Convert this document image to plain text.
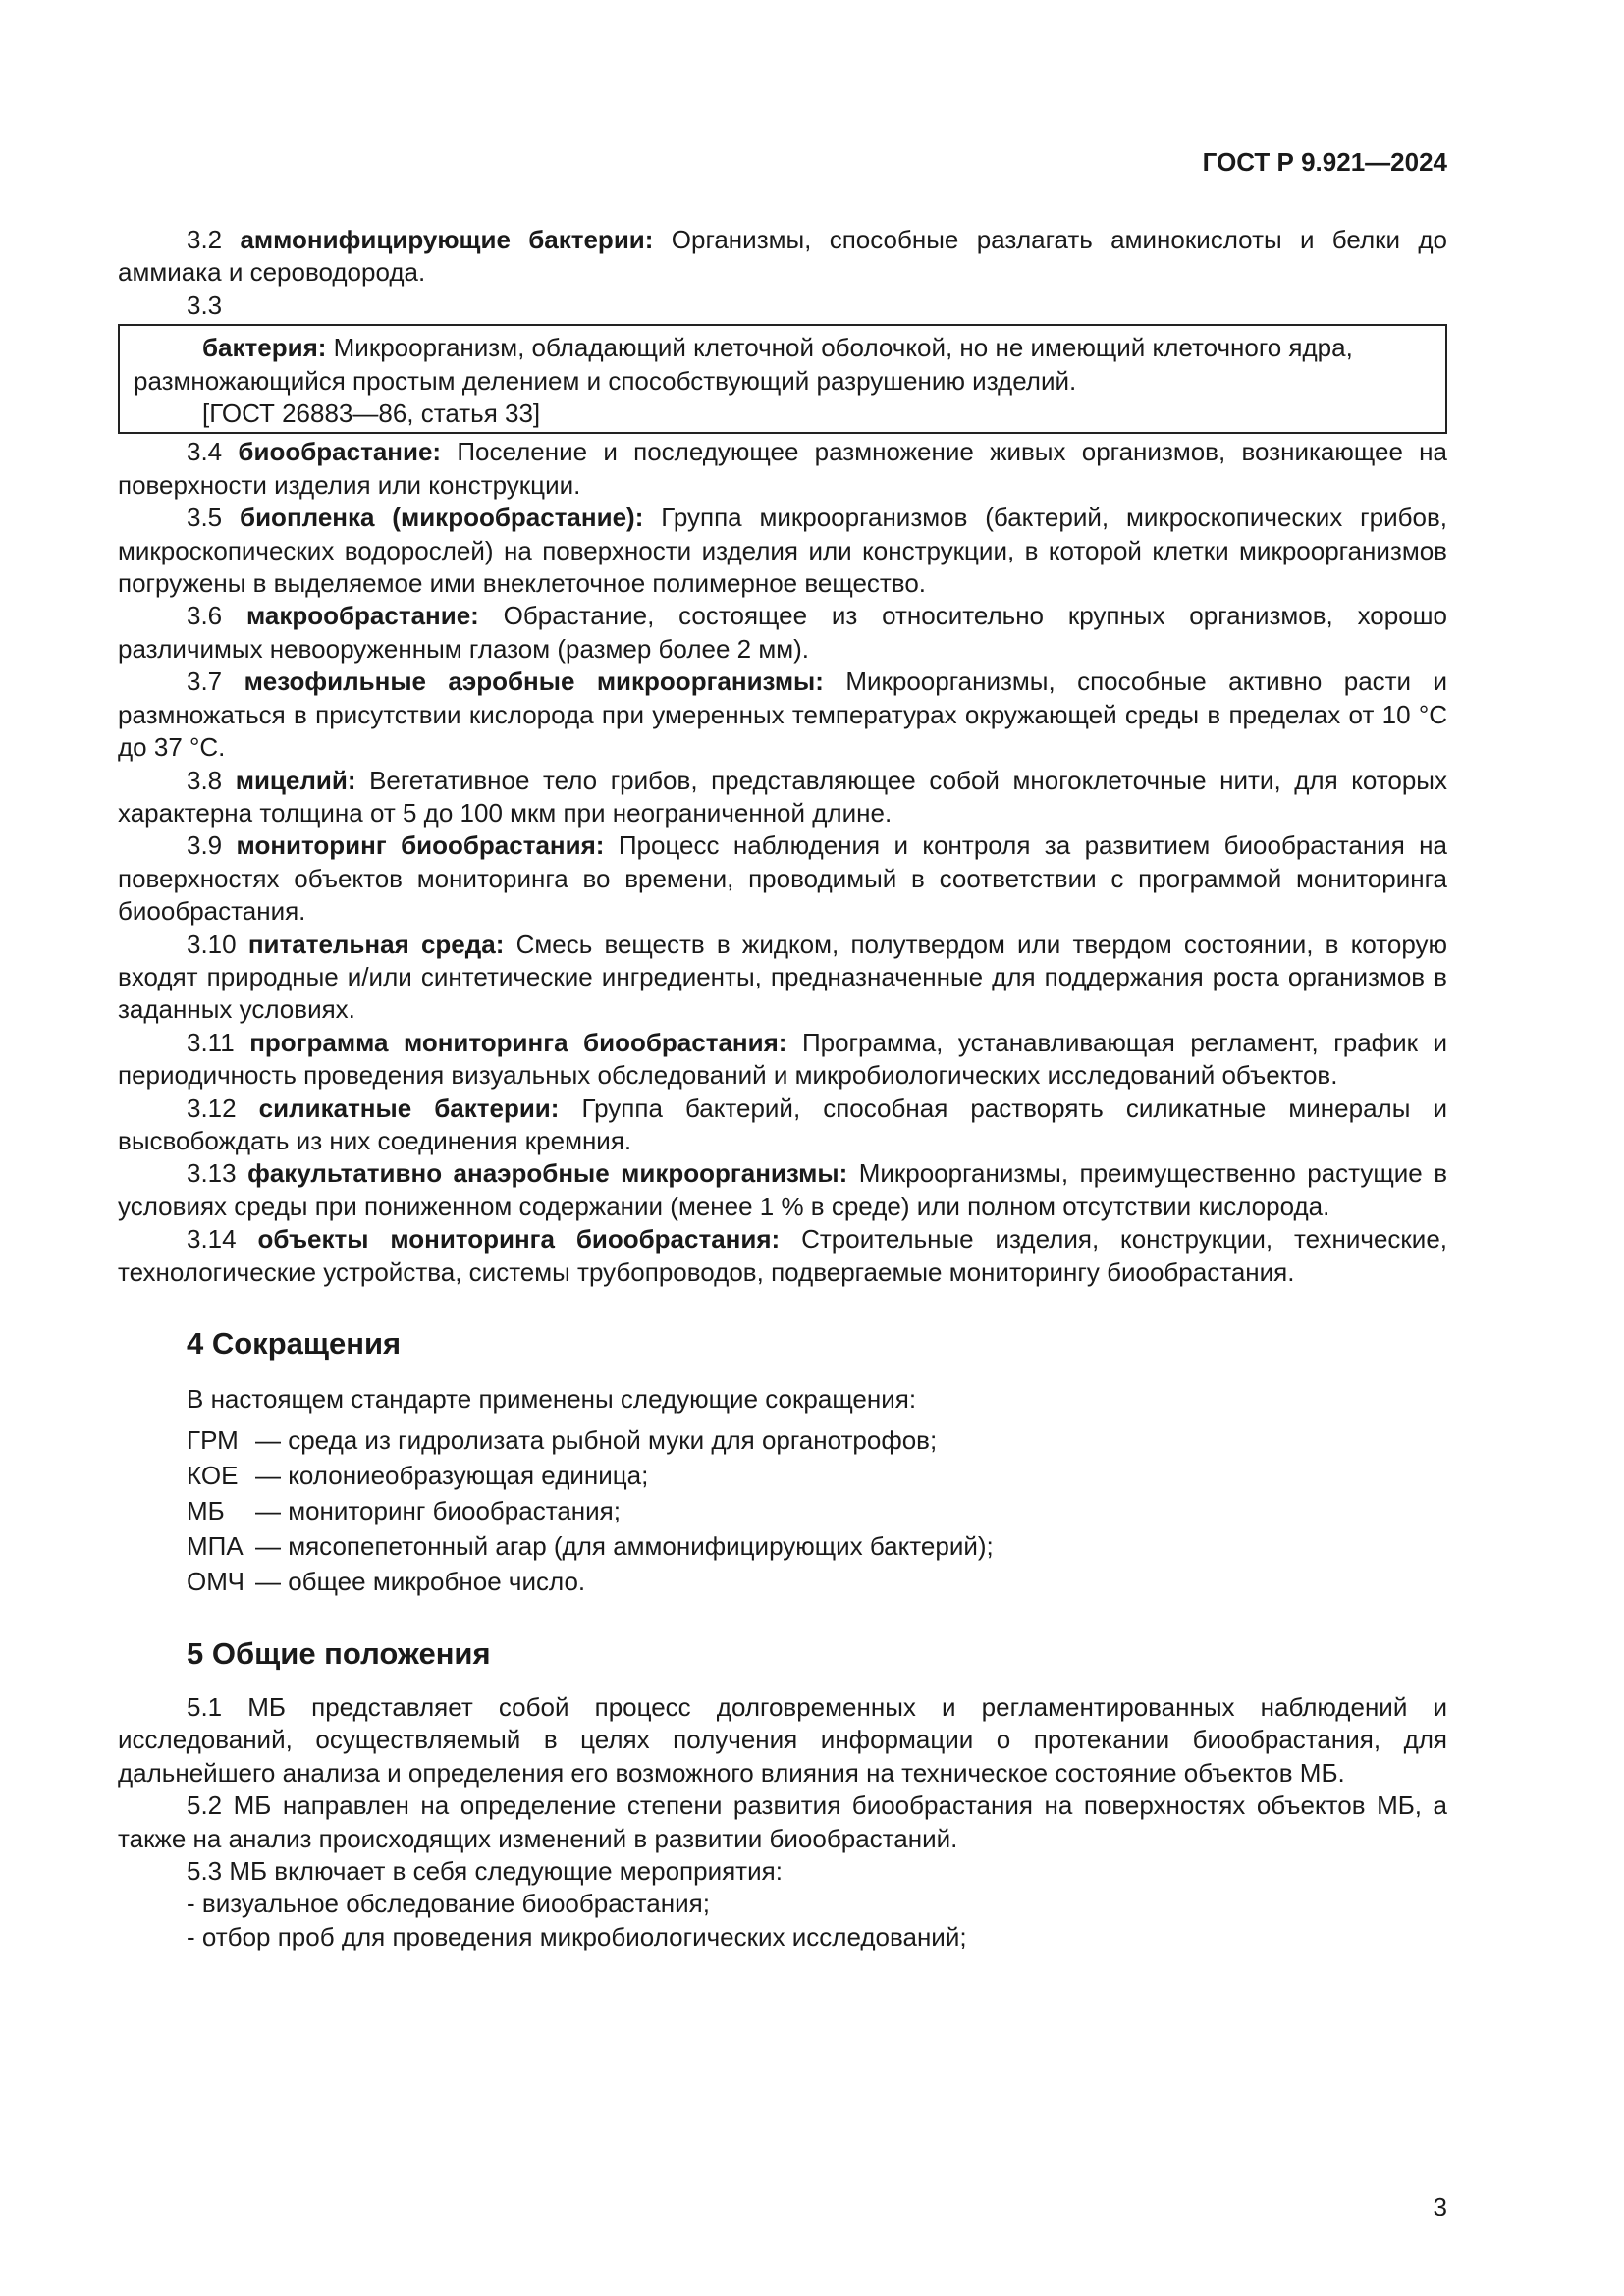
ГОСТ Р 9.921—2024

3.2 аммонифицирующие бактерии: Организмы, способные разлагать аминокислоты и белки до аммиака и сероводорода.

3.3

бактерия: Микроорганизм, обладающий клеточной оболочкой, но не имеющий клеточного ядра, размножающийся простым делением и способствующий разрушению изделий.

[ГОСТ 26883—86, статья 33]

3.4 биообрастание: Поселение и последующее размножение живых организмов, возникающее на поверхности изделия или конструкции.

3.5 биопленка (микрообрастание): Группа микроорганизмов (бактерий, микроскопических грибов, микроскопических водорослей) на поверхности изделия или конструкции, в которой клетки микроорганизмов погружены в выделяемое ими внеклеточное полимерное вещество.

3.6 макрообрастание: Обрастание, состоящее из относительно крупных организмов, хорошо различимых невооруженным глазом (размер более 2 мм).

3.7 мезофильные аэробные микроорганизмы: Микроорганизмы, способные активно расти и размножаться в присутствии кислорода при умеренных температурах окружающей среды в пределах от 10 °С до 37 °С.

3.8 мицелий: Вегетативное тело грибов, представляющее собой многоклеточные нити, для которых характерна толщина от 5 до 100 мкм при неограниченной длине.

3.9 мониторинг биообрастания: Процесс наблюдения и контроля за развитием биообрастания на поверхностях объектов мониторинга во времени, проводимый в соответствии с программой мониторинга биообрастания.

3.10 питательная среда: Смесь веществ в жидком, полутвердом или твердом состоянии, в которую входят природные и/или синтетические ингредиенты, предназначенные для поддержания роста организмов в заданных условиях.

3.11 программа мониторинга биообрастания: Программа, устанавливающая регламент, график и периодичность проведения визуальных обследований и микробиологических исследований объектов.

3.12 силикатные бактерии: Группа бактерий, способная растворять силикатные минералы и высвобождать из них соединения кремния.

3.13 факультативно анаэробные микроорганизмы: Микроорганизмы, преимущественно растущие в условиях среды при пониженном содержании (менее 1 % в среде) или полном отсутствии кислорода.

3.14 объекты мониторинга биообрастания: Строительные изделия, конструкции, технические, технологические устройства, системы трубопроводов, подвергаемые мониторингу биообрастания.

4 Сокращения
В настоящем стандарте применены следующие сокращения:
ГРМ — среда из гидролизата рыбной муки для органотрофов;
КОЕ — колониеобразующая единица;
МБ	— мониторинг биообрастания;
МПА — мясопепетонный агар (для аммонифицирующих бактерий);
ОМЧ — общее микробное число.
5 Общие положения

5.1 МБ представляет собой процесс долговременных и регламентированных наблюдений и исследований, осуществляемый в целях получения информации о протекании биообрастания, для дальнейшего анализа и определения его возможного влияния на техническое состояние объектов МБ.

5.2 МБ направлен на определение степени развития биообрастания на поверхностях объектов МБ, а также на анализ происходящих изменений в развитии биообрастаний.

5.3 МБ включает в себя следующие мероприятия:

- визуальное обследование биообрастания;

- отбор проб для проведения микробиологических исследований;

3
